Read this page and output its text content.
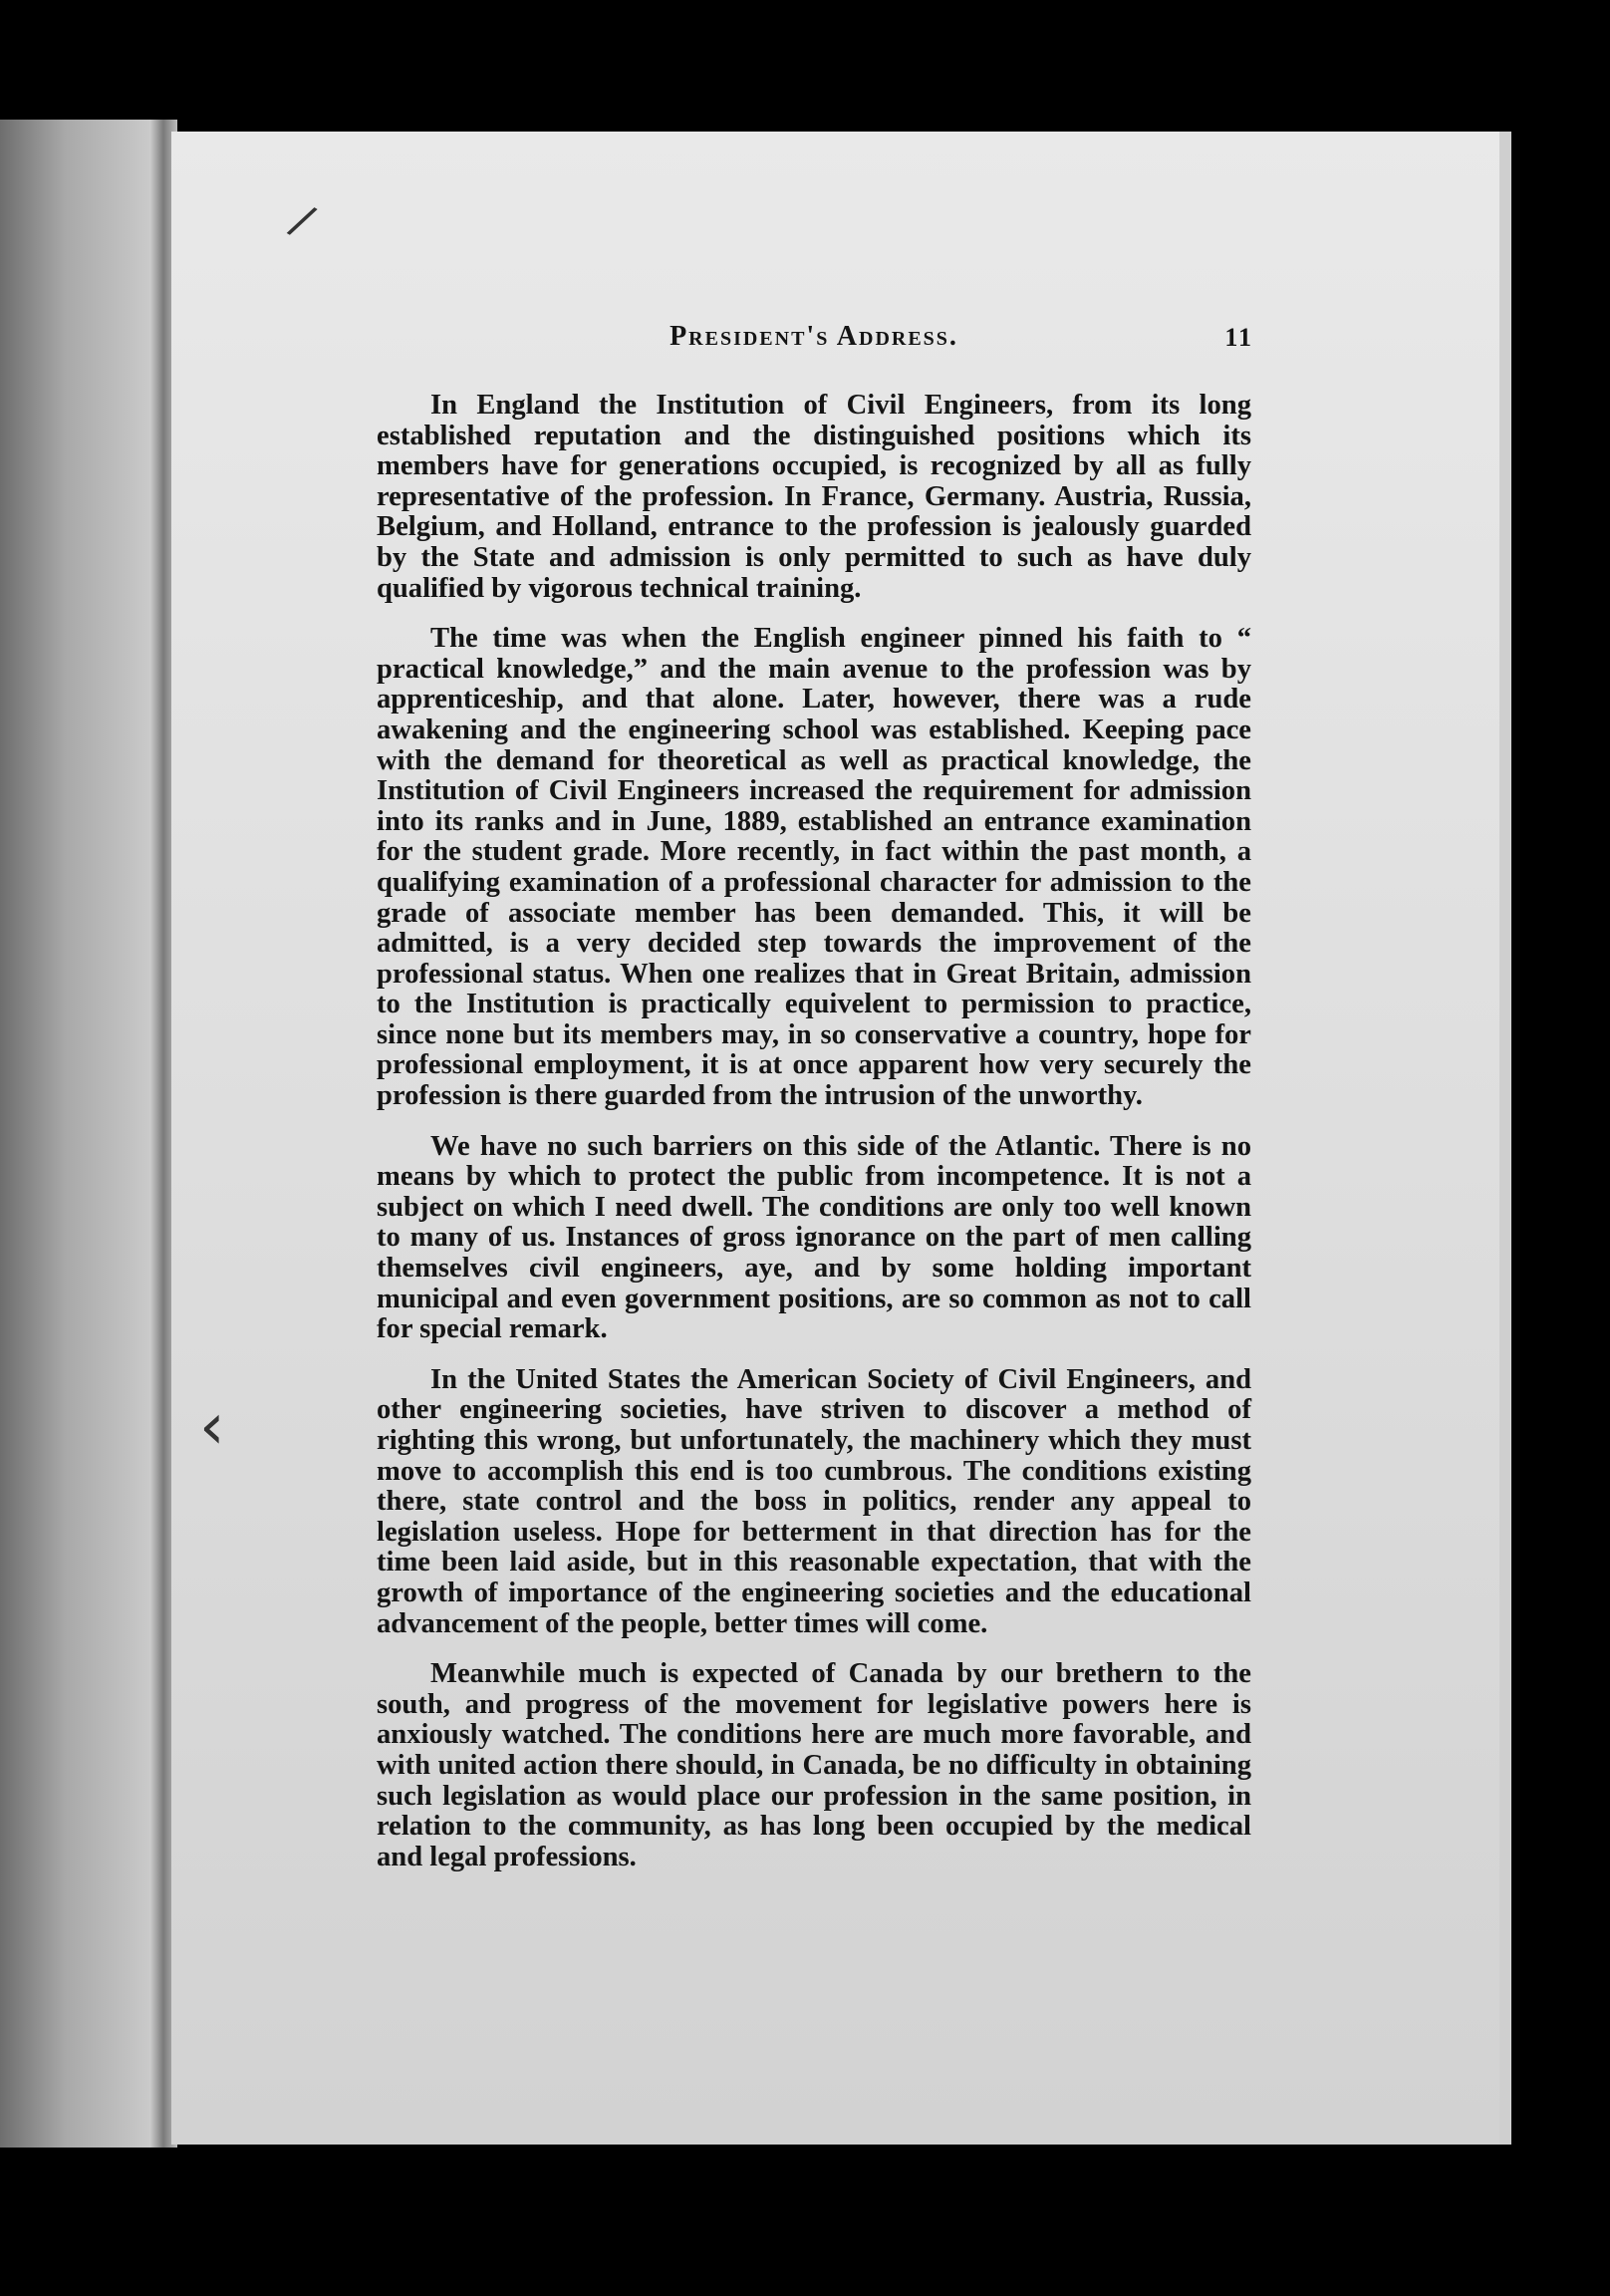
/
‹
President's Address.	11

In England the Institution of Civil Engineers, from its long established reputation and the distinguished positions which its members have for generations occupied, is recognized by all as fully representative of the profession. In France, Germany. Austria, Russia, Belgium, and Holland, entrance to the profession is jealously guarded by the State and admission is only permitted to such as have duly qualified by vigorous technical training.

The time was when the English engineer pinned his faith to “ practical knowledge,” and the main avenue to the profession was by apprenticeship, and that alone. Later, however, there was a rude awakening and the engineering school was established. Keeping pace with the demand for theoretical as well as practical knowledge, the Institution of Civil Engineers increased the requirement for admission into its ranks and in June, 1889, established an entrance examination for the student grade. More recently, in fact within the past month, a qualifying examination of a professional character for admission to the grade of associate member has been demanded. This, it will be admitted, is a very decided step towards the improvement of the professional status. When one realizes that in Great Britain, admission to the Institution is practically equivelent to permission to practice, since none but its members may, in so conservative a country, hope for professional employment, it is at once apparent how very securely the profession is there guarded from the intrusion of the unworthy.

We have no such barriers on this side of the Atlantic. There is no means by which to protect the public from incompetence. It is not a subject on which I need dwell. The conditions are only too well known to many of us. Instances of gross ignorance on the part of men calling themselves civil engineers, aye, and by some holding important municipal and even government positions, are so common as not to call for special remark.

In the United States the American Society of Civil Engineers, and other engineering societies, have striven to discover a method of righting this wrong, but unfortunately, the machinery which they must move to accomplish this end is too cumbrous. The conditions existing there, state control and the boss in politics, render any appeal to legislation useless. Hope for betterment in that direction has for the time been laid aside, but in this reasonable expectation, that with the growth of importance of the engineering societies and the educational advancement of the people, better times will come.

Meanwhile much is expected of Canada by our brethern to the south, and progress of the movement for legislative powers here is anxiously watched. The conditions here are much more favorable, and with united action there should, in Canada, be no difficulty in obtaining such legislation as would place our profession in the same position, in relation to the community, as has long been occupied by the medical and legal professions.
